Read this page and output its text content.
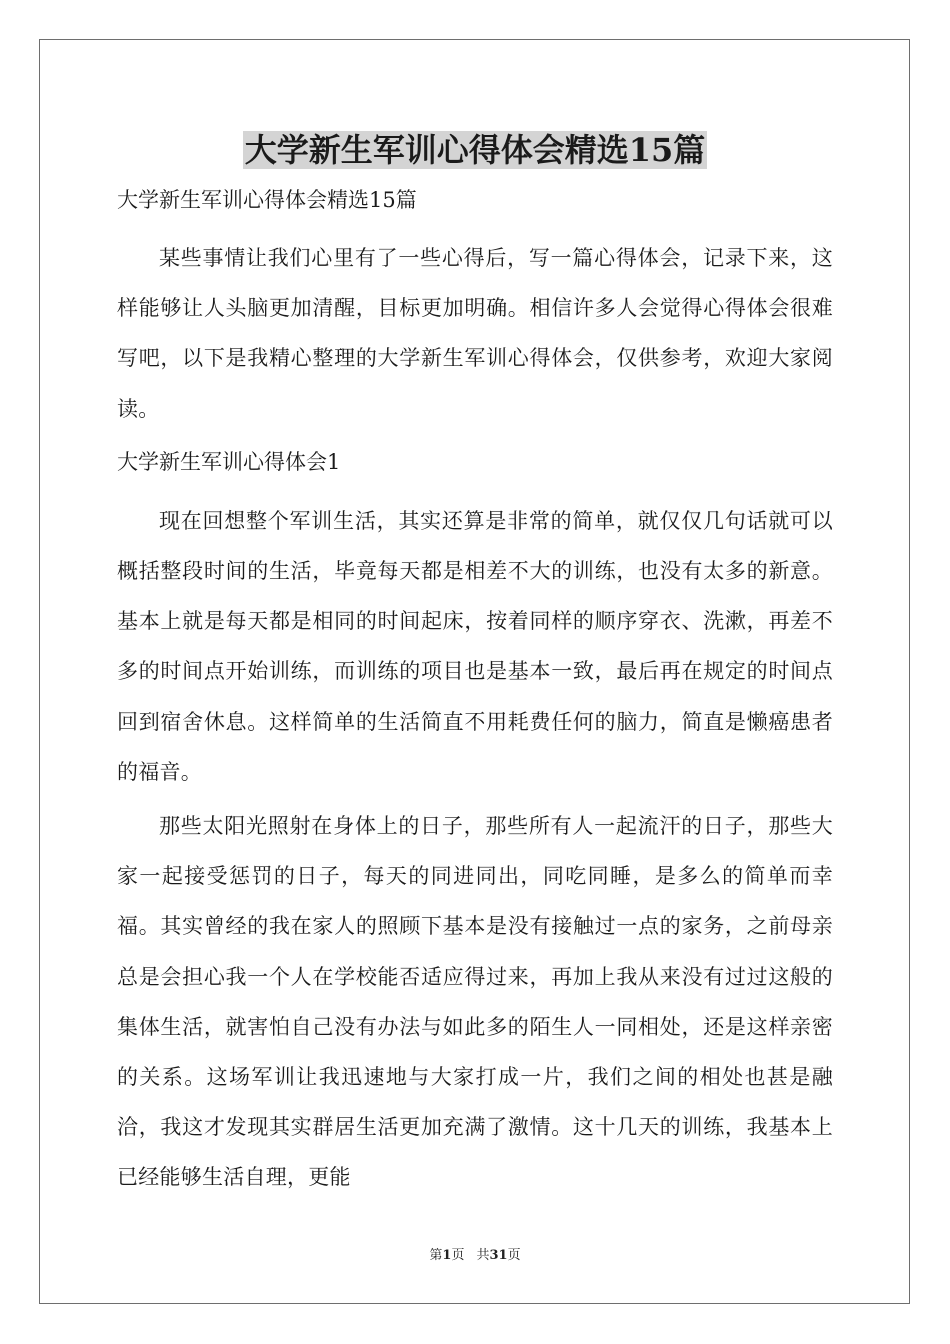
大学新生军训心得体会精选15篇

大学新生军训心得体会精选15篇

某些事情让我们心里有了一些心得后，写一篇心得体会，记录下来，这样能够让人头脑更加清醒，目标更加明确。相信许多人会觉得心得体会很难写吧，以下是我精心整理的大学新生军训心得体会，仅供参考，欢迎大家阅读。

大学新生军训心得体会1

现在回想整个军训生活，其实还算是非常的简单，就仅仅几句话就可以概括整段时间的生活，毕竟每天都是相差不大的训练，也没有太多的新意。基本上就是每天都是相同的时间起床，按着同样的顺序穿衣、洗漱，再差不多的时间点开始训练，而训练的项目也是基本一致，最后再在规定的时间点回到宿舍休息。这样简单的生活简直不用耗费任何的脑力，简直是懒癌患者的福音。

那些太阳光照射在身体上的日子，那些所有人一起流汗的日子，那些大家一起接受惩罚的日子，每天的同进同出，同吃同睡，是多么的简单而幸福。其实曾经的我在家人的照顾下基本是没有接触过一点的家务，之前母亲总是会担心我一个人在学校能否适应得过来，再加上我从来没有过过这般的集体生活，就害怕自己没有办法与如此多的陌生人一同相处，还是这样亲密的关系。这场军训让我迅速地与大家打成一片，我们之间的相处也甚是融洽，我这才发现其实群居生活更加充满了激情。这十几天的训练，我基本上已经能够生活自理，更能

第1页 共31页
